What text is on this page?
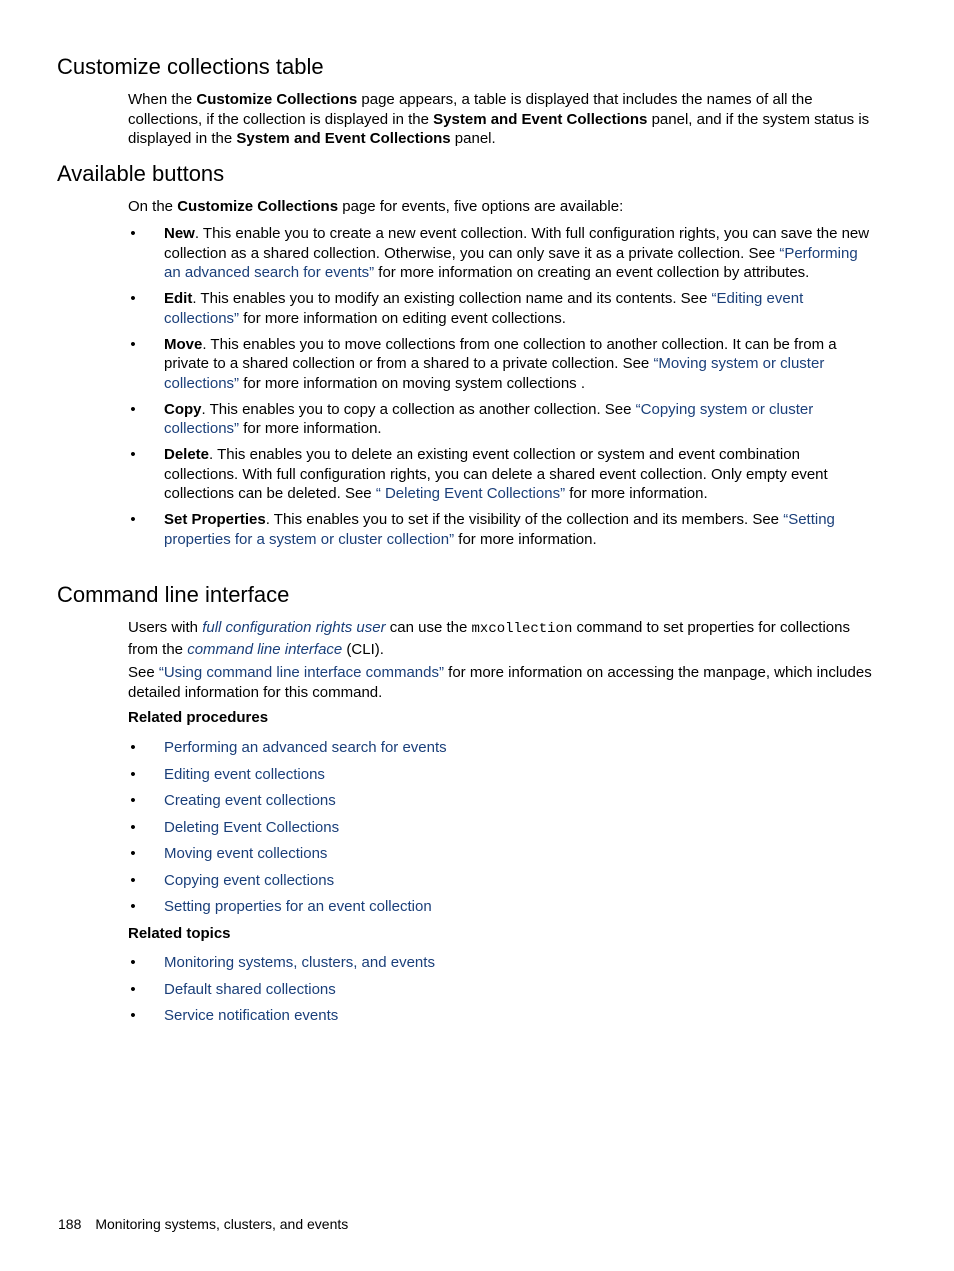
Customize collections table

When the Customize Collections page appears, a table is displayed that includes the names of all the collections, if the collection is displayed in the System and Event Collections panel, and if the system status is displayed in the System and Event Collections panel.

Available buttons

On the Customize Collections page for events, five options are available:

• New. This enable you to create a new event collection. With full configuration rights, you can save the new collection as a shared collection. Otherwise, you can only save it as a private collection. See “Performing an advanced search for events” for more information on creating an event collection by attributes.
• Edit. This enables you to modify an existing collection name and its contents. See “Editing event collections” for more information on editing event collections.
• Move. This enables you to move collections from one collection to another collection. It can be from a private to a shared collection or from a shared to a private collection. See “Moving system or cluster collections” for more information on moving system collections .
• Copy. This enables you to copy a collection as another collection. See “Copying system or cluster collections” for more information.
• Delete. This enables you to delete an existing event collection or system and event combination collections. With full configuration rights, you can delete a shared event collection. Only empty event collections can be deleted. See “ Deleting Event Collections” for more information.
• Set Properties. This enables you to set if the visibility of the collection and its members. See “Setting properties for a system or cluster collection” for more information.
Command line interface

Users with full configuration rights user can use the mxcollection command to set properties for collections from the command line interface (CLI).

See “Using command line interface commands” for more information on accessing the manpage, which includes detailed information for this command.

Related procedures

• Performing an advanced search for events
• Editing event collections
• Creating event collections
• Deleting Event Collections
• Moving event collections
• Copying event collections
• Setting properties for an event collection

Related topics

• Monitoring systems, clusters, and events
• Default shared collections
• Service notification events
188 Monitoring systems, clusters, and events
